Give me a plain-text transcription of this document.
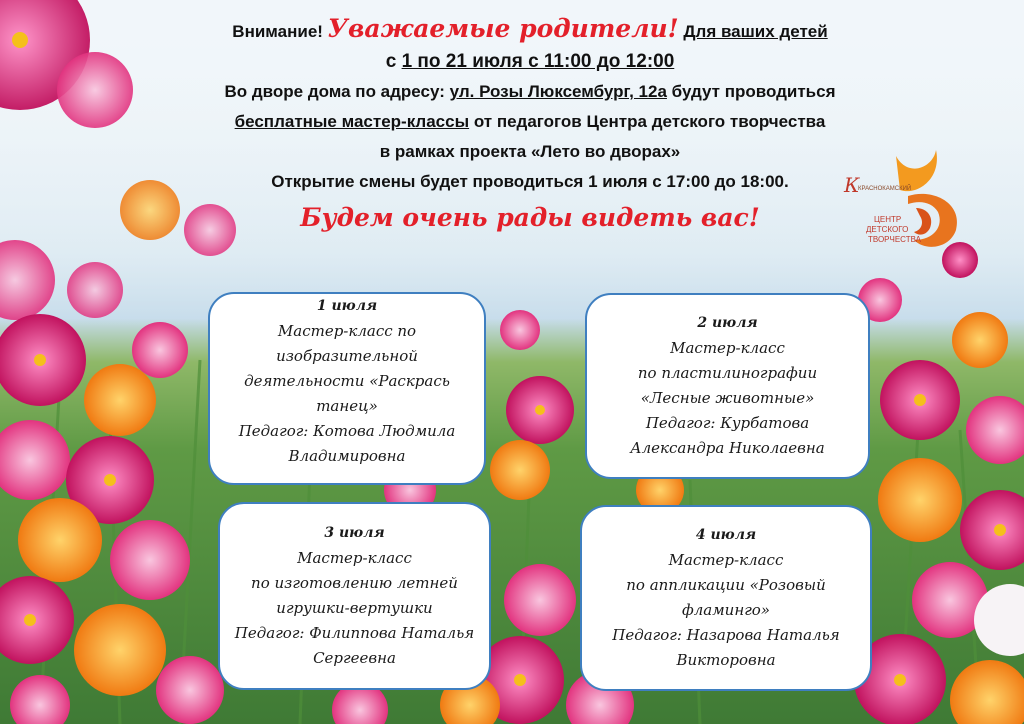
Внимание! Уважаемые родители! Для ваших детей
с 1 по 21 июля с 11:00 до 12:00
Во дворе дома по адресу: ул. Розы Люксембург, 12а будут проводиться
бесплатные мастер-классы от педагогов Центра детского творчества
в рамках проекта «Лето во дворах»
Открытие смены будет проводиться 1 июля с 17:00 до 18:00.
Будем очень рады видеть вас!
К
КРАСНОКАМСКИЙ
ЦЕНТР
ДЕТСКОГО
ТВОРЧЕСТВА
1 июля
Мастер-класс по
изобразительной
деятельности «Раскрась
танец»
Педагог: Котова Людмила
Владимировна
2 июля
Мастер-класс
по пластилинографии
«Лесные животные»
Педагог: Курбатова
Александра Николаевна
3 июля
Мастер-класс
по изготовлению летней
игрушки-вертушки
Педагог: Филиппова Наталья
Сергеевна
4 июля
Мастер-класс
по аппликации «Розовый
фламинго»
Педагог: Назарова Наталья
Викторовна
